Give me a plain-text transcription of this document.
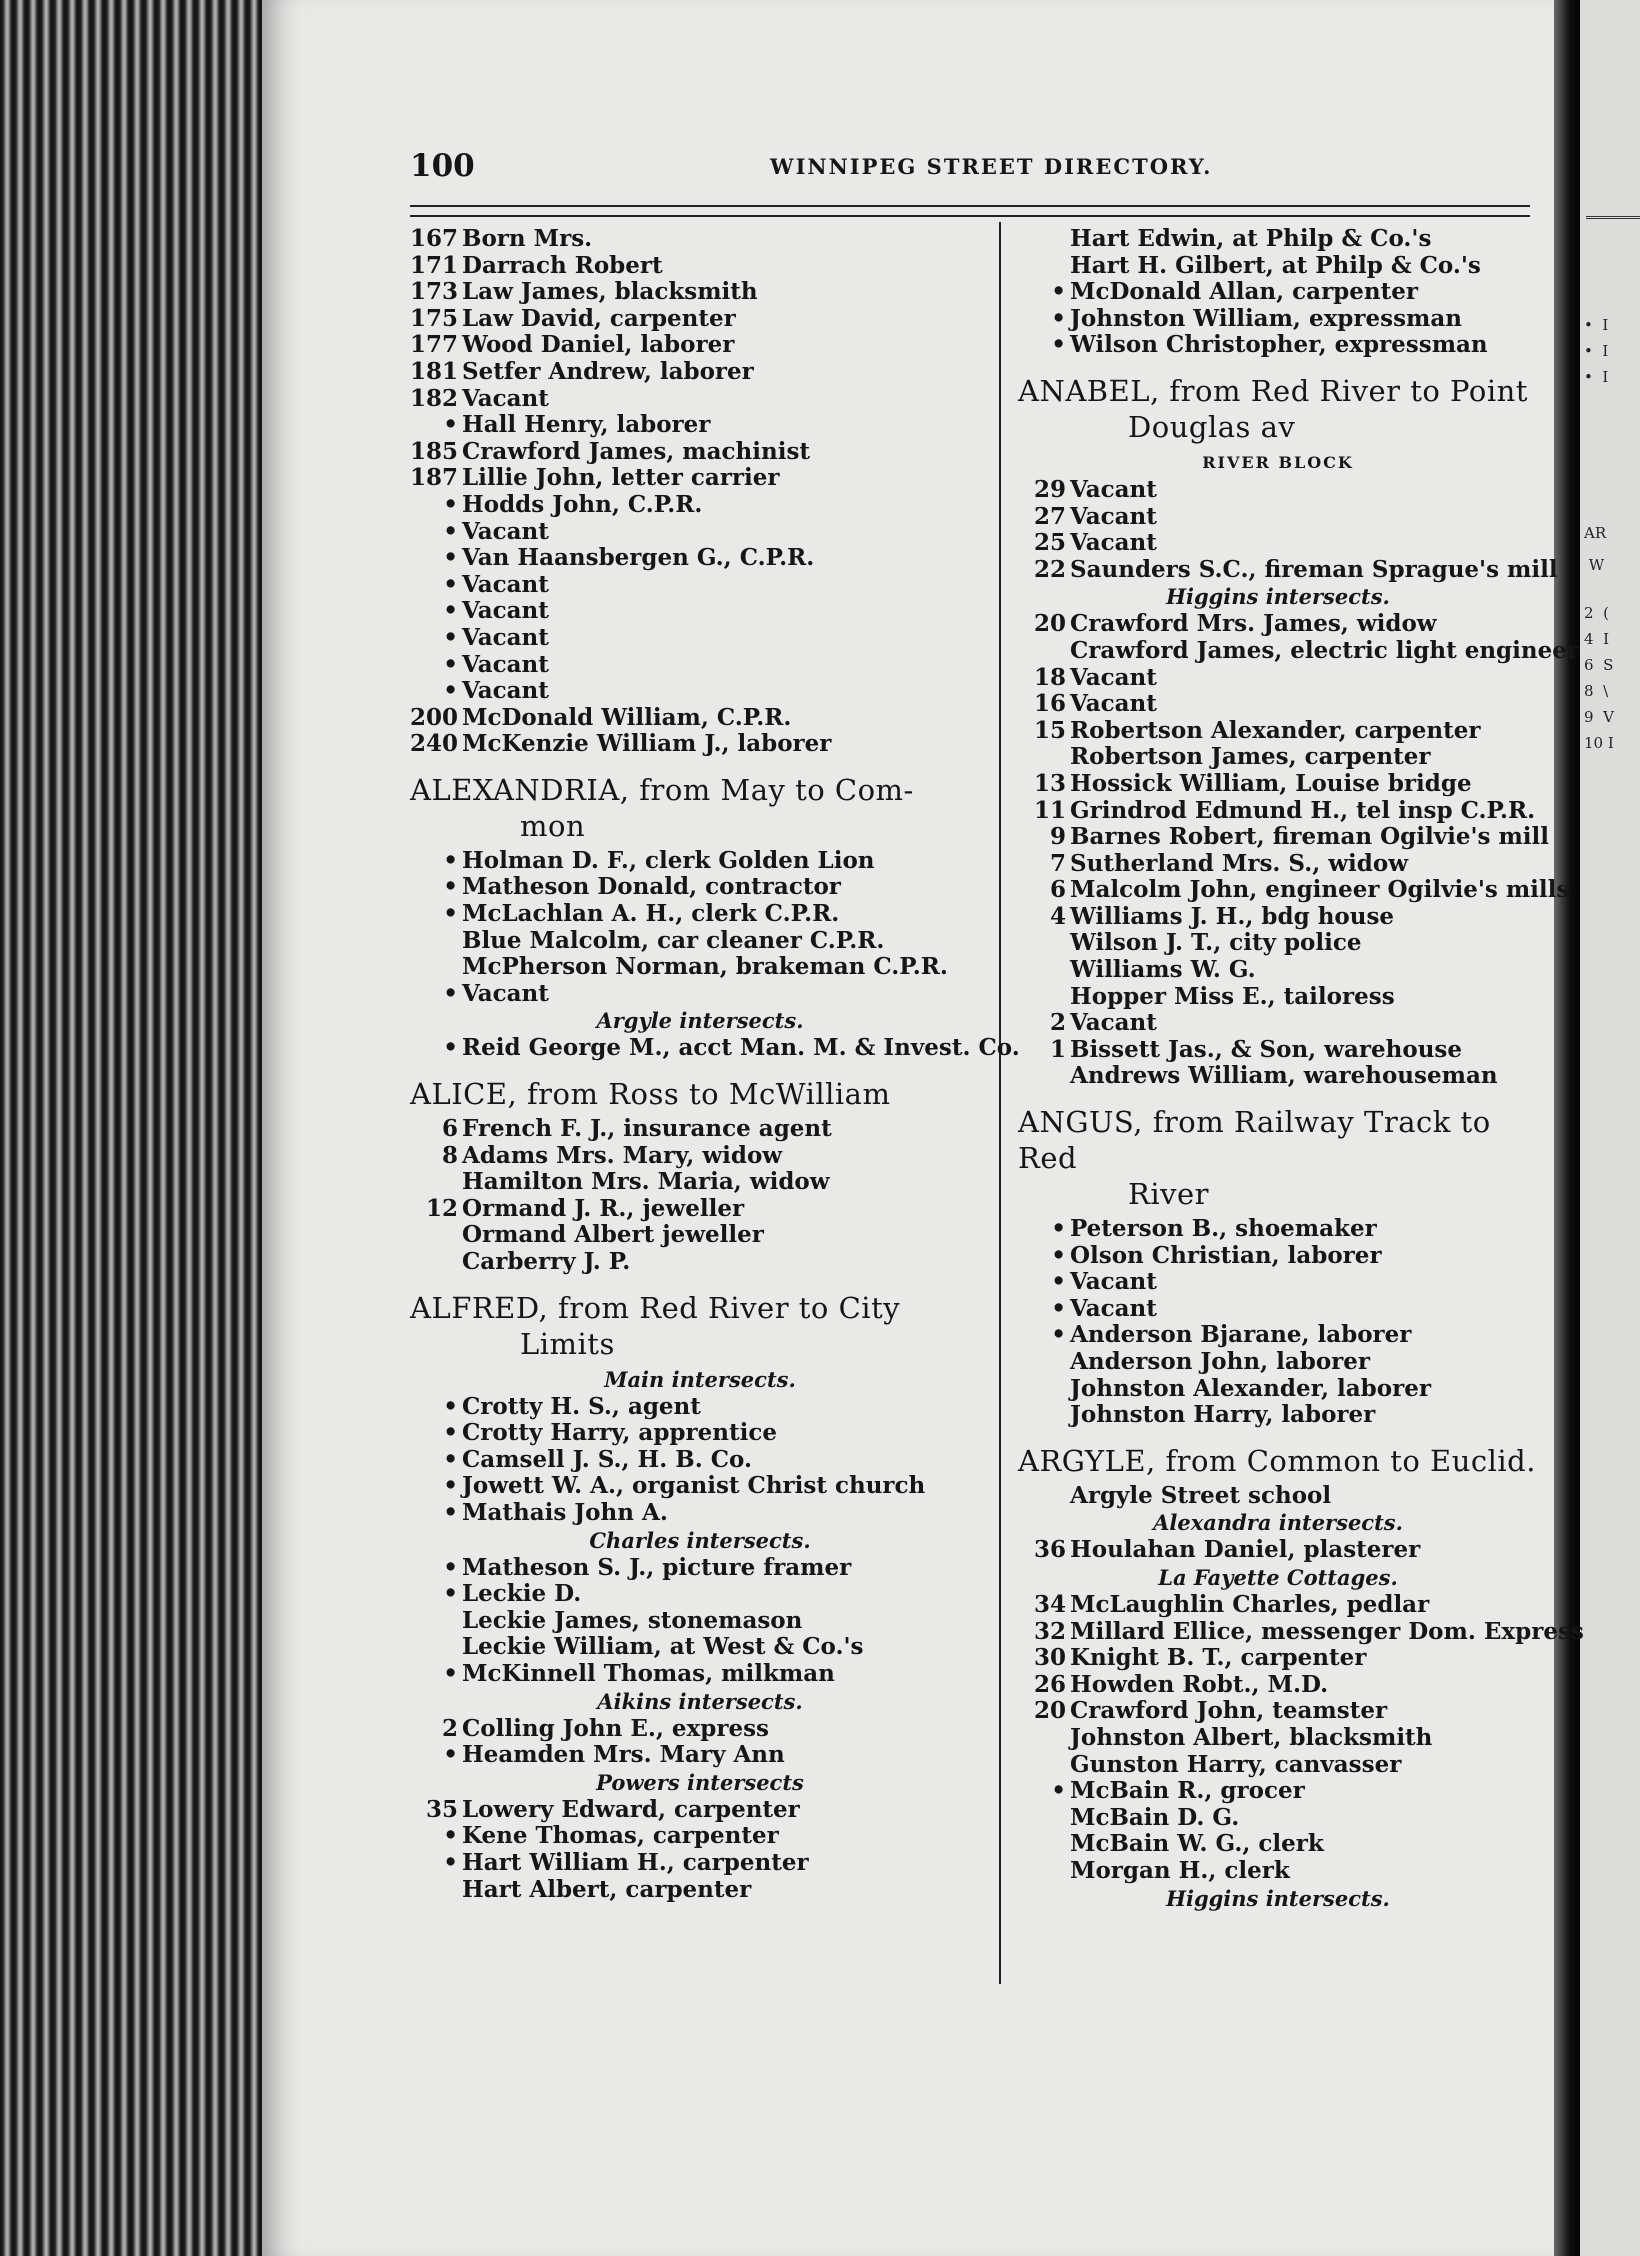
•  I
•  I
•  I
AR
W
2  (
4  I
6  S
8  \
9  V
10 I
100	WINNIPEG STREET DIRECTORY.
167 Born Mrs.
171 Darrach Robert
173 Law James, blacksmith
175 Law David, carpenter
177 Wood Daniel, laborer
181 Setfer Andrew, laborer
182 Vacant
• Hall Henry, laborer
185 Crawford James, machinist
187 Lillie John, letter carrier
• Hodds John, C.P.R.
• Vacant
• Van Haansbergen G., C.P.R.
• Vacant
• Vacant
• Vacant
• Vacant
• Vacant
200 McDonald William, C.P.R.
240 McKenzie William J., laborer
ALEXANDRIA, from May to Com-
mon
• Holman D. F., clerk Golden Lion
• Matheson Donald, contractor
• McLachlan A. H., clerk C.P.R.
Blue Malcolm, car cleaner C.P.R.
McPherson Norman, brakeman C.P.R.
• Vacant
Argyle intersects.
• Reid George M., acct Man. M. & Invest. Co.
ALICE, from Ross to McWilliam
6 French F. J., insurance agent
8 Adams Mrs. Mary, widow
Hamilton Mrs. Maria, widow
12 Ormand J. R., jeweller
Ormand Albert jeweller
Carberry J. P.
ALFRED, from Red River to City
Limits
Main intersects.
• Crotty H. S., agent
• Crotty Harry, apprentice
• Camsell J. S., H. B. Co.
• Jowett W. A., organist Christ church
• Mathais John A.
Charles intersects.
• Matheson S. J., picture framer
• Leckie D.
Leckie James, stonemason
Leckie William, at West & Co.'s
• McKinnell Thomas, milkman
Aikins intersects.
2 Colling John E., express
• Heamden Mrs. Mary Ann
Powers intersects
35 Lowery Edward, carpenter
• Kene Thomas, carpenter
• Hart William H., carpenter
Hart Albert, carpenter
Hart Edwin, at Philp & Co.'s
Hart H. Gilbert, at Philp & Co.'s
• McDonald Allan, carpenter
• Johnston William, expressman
• Wilson Christopher, expressman
ANABEL, from Red River to Point
Douglas av
RIVER BLOCK
29 Vacant
27 Vacant
25 Vacant
22 Saunders S.C., fireman Sprague's mill
Higgins intersects.
20 Crawford Mrs. James, widow
Crawford James, electric light engineer
18 Vacant
16 Vacant
15 Robertson Alexander, carpenter
Robertson James, carpenter
13 Hossick William, Louise bridge
11 Grindrod Edmund H., tel insp C.P.R.
9 Barnes Robert, fireman Ogilvie's mill
7 Sutherland Mrs. S., widow
6 Malcolm John, engineer Ogilvie's mills
4 Williams J. H., bdg house
Wilson J. T., city police
Williams W. G.
Hopper Miss E., tailoress
2 Vacant
1 Bissett Jas., & Son, warehouse
Andrews William, warehouseman
ANGUS, from Railway Track to Red
River
• Peterson B., shoemaker
• Olson Christian, laborer
• Vacant
• Vacant
• Anderson Bjarane, laborer
Anderson John, laborer
Johnston Alexander, laborer
Johnston Harry, laborer
ARGYLE, from Common to Euclid.
Argyle Street school
Alexandra intersects.
36 Houlahan Daniel, plasterer
La Fayette Cottages.
34 McLaughlin Charles, pedlar
32 Millard Ellice, messenger Dom. Express
30 Knight B. T., carpenter
26 Howden Robt., M.D.
20 Crawford John, teamster
Johnston Albert, blacksmith
Gunston Harry, canvasser
• McBain R., grocer
McBain D. G.
McBain W. G., clerk
Morgan H., clerk
Higgins intersects.
